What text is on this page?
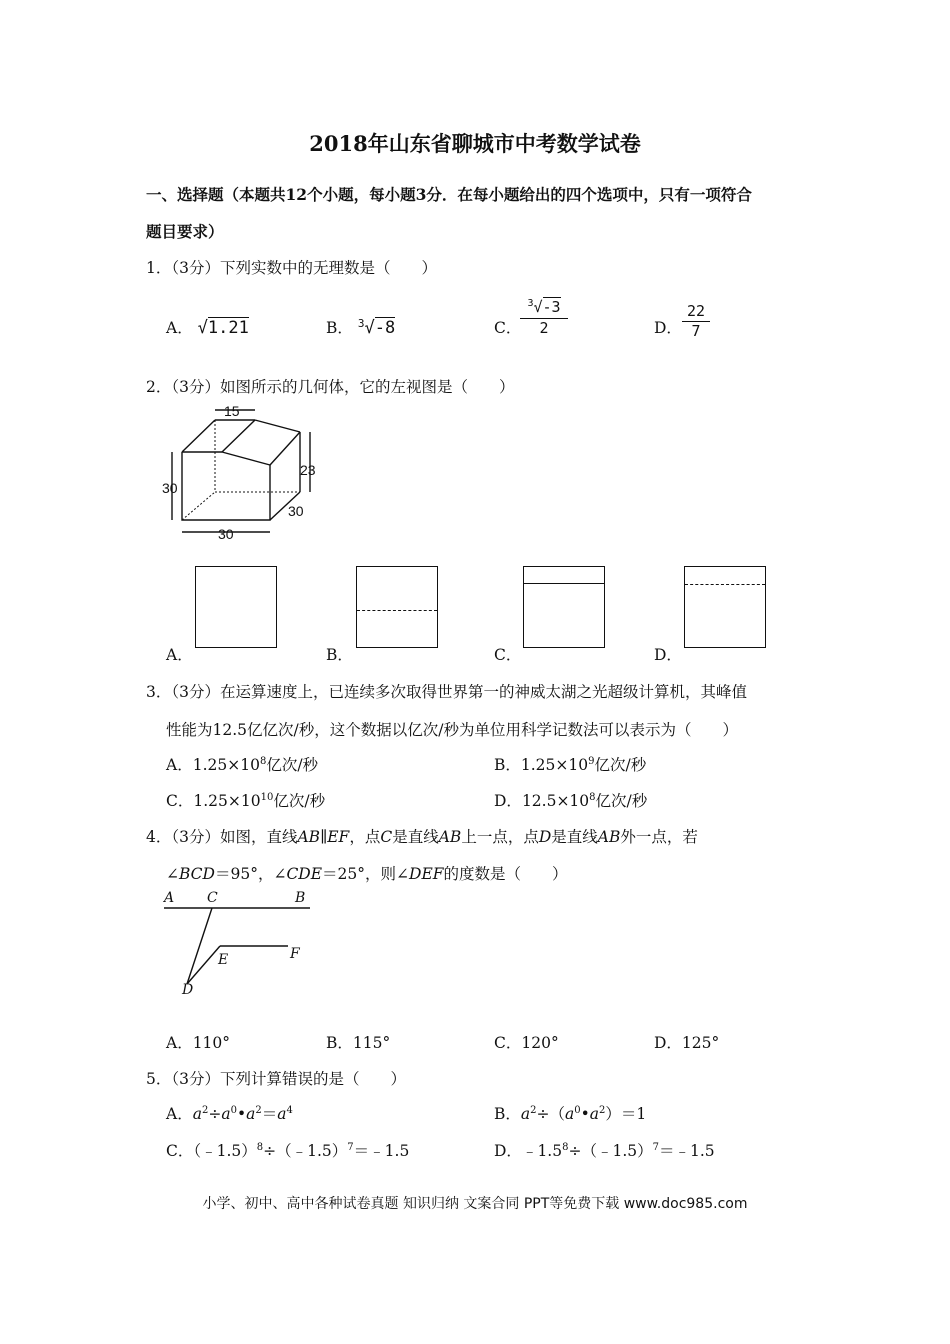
2018年山东省聊城市中考数学试卷
一、选择题（本题共12个小题，每小题3分．在每小题给出的四个选项中，只有一项符合
题目要求）
1．（3分）下列实数中的无理数是（　　）
A． √1.21	B． $^3$√-8	C．
$^3$√-3
2	D．
22
7
2．（3分）如图所示的几何体，它的左视图是（　　）
15
30
23
30
30
A．	B．	C．	D．
3．（3分）在运算速度上，已连续多次取得世界第一的神威太湖之光超级计算机，其峰值
性能为12.5亿亿次/秒，这个数据以亿次/秒为单位用科学记数法可以表示为（　　）
A．$1.25\times 10^8$亿次/秒	B．$1.25\times 10^9$亿次/秒
C．$1.25\times 10^{10}$亿次/秒	D．$12.5\times 10^8$亿次/秒
4．（3分）如图，直线AB∥EF，点C是直线AB上一点，点D是直线AB外一点，若
∠BCD＝95°，∠CDE＝25°，则∠DEF的度数是（　　）
A C	B
F
E
D
A．110°	B．115°	C．120°	D．125°
5．（3分）下列计算错误的是（　　）
A．$a^2\div a^0•a^2=a^4$	B．$a^2\div(a^0•a^2)=1$
C．（﹣1.5）$^8$÷（﹣1.5）$^7$＝﹣1.5	D．$﹣1.5^8\div(﹣1.5)^7=﹣1.5$
小学、初中、高中各种试卷真题 知识归纳 文案合同 PPT等免费下载 www.doc985.com
